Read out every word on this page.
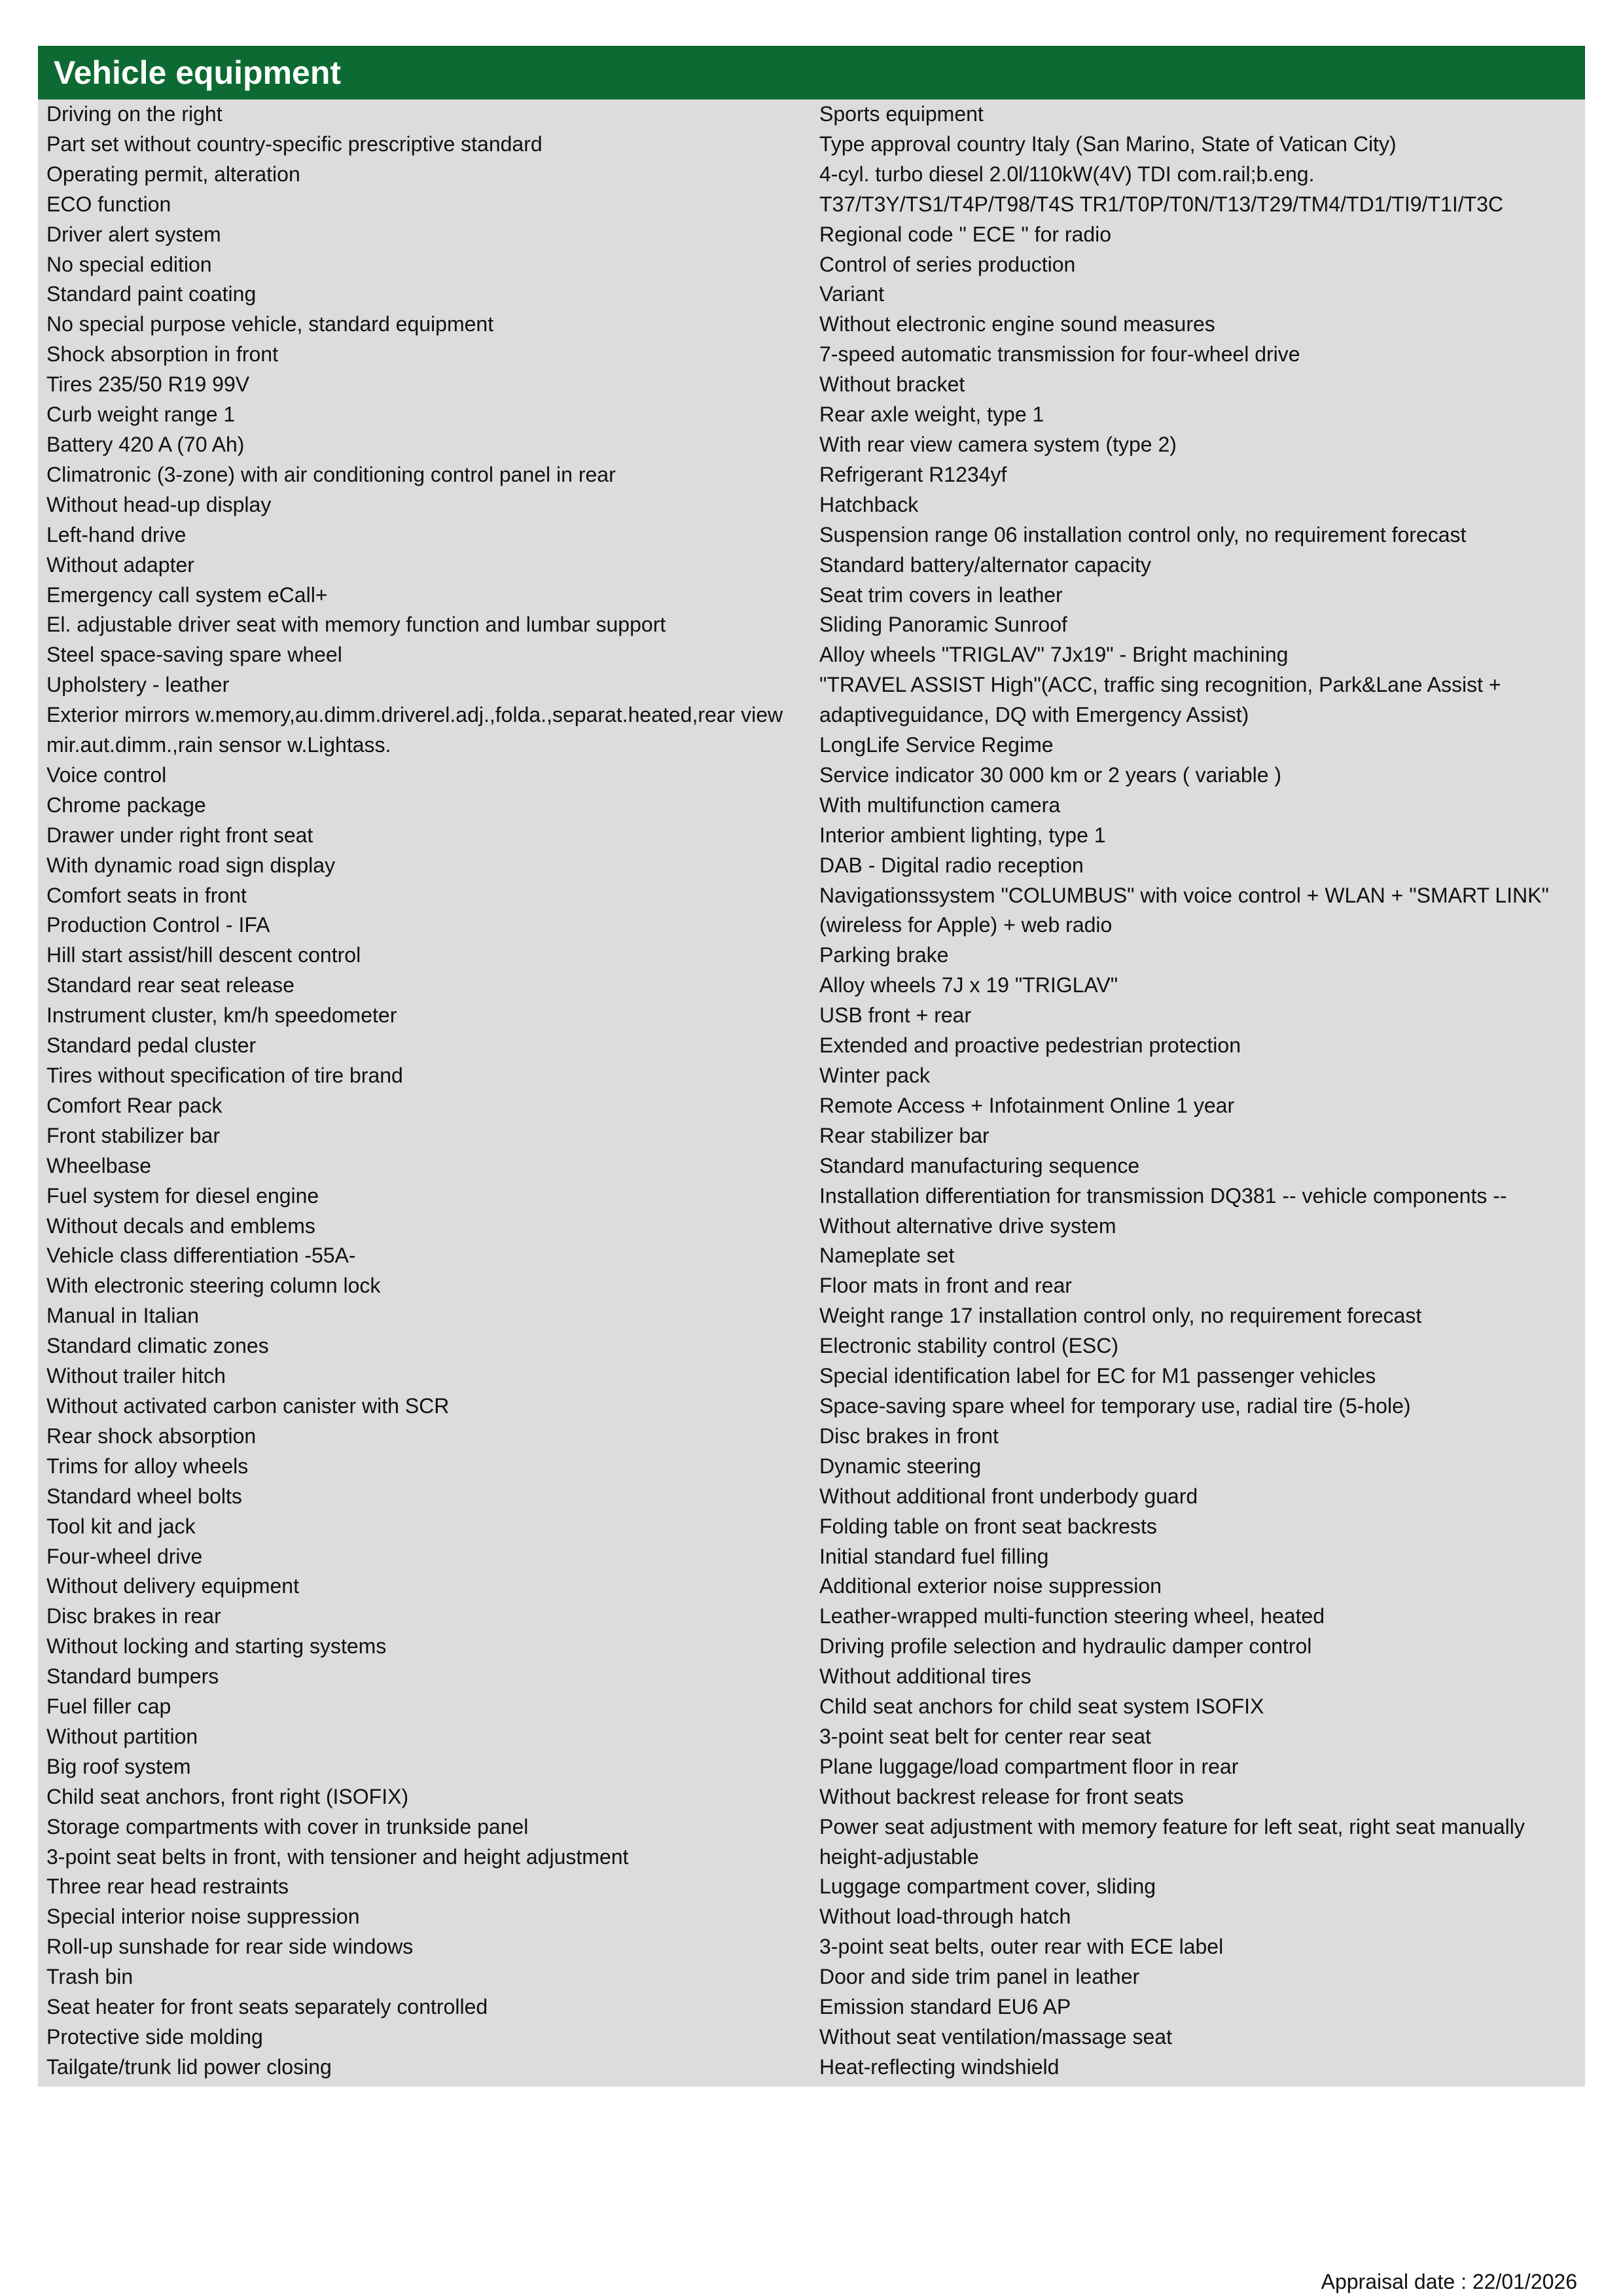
Vehicle equipment
Driving on the right
Part set without country-specific prescriptive standard
Operating permit, alteration
ECO function
Driver alert system
No special edition
Standard paint coating
No special purpose vehicle, standard equipment
Shock absorption in front
Tires 235/50 R19 99V
Curb weight range 1
Battery 420 A (70 Ah)
Climatronic (3-zone) with air conditioning control panel in rear
Without head-up display
Left-hand drive
Without adapter
Emergency call system eCall+
El. adjustable driver seat with memory function and lumbar support
Steel space-saving spare wheel
Upholstery - leather
Exterior mirrors w.memory,au.dimm.driverel.adj.,folda.,separat.heated,rear view mir.aut.dimm.,rain sensor w.Lightass.
Voice control
Chrome package
Drawer under right front seat
With dynamic road sign display
Comfort seats in front
Production Control - IFA
Hill start assist/hill descent control
Standard rear seat release
Instrument cluster, km/h speedometer
Standard pedal cluster
Tires without specification of tire brand
Comfort Rear pack
Front stabilizer bar
Wheelbase
Fuel system for diesel engine
Without decals and emblems
Vehicle class differentiation -55A-
With electronic steering column lock
Manual in Italian
Standard climatic zones
Without trailer hitch
Without activated carbon canister with SCR
Rear shock absorption
Trims for alloy wheels
Standard wheel bolts
Tool kit and jack
Four-wheel drive
Without delivery equipment
Disc brakes in rear
Without locking and starting systems
Standard bumpers
Fuel filler cap
Without partition
Big roof system
Child seat anchors, front right (ISOFIX)
Storage compartments with cover in trunkside panel
3-point seat belts in front, with tensioner and height adjustment
Three rear head restraints
Special interior noise suppression
Roll-up sunshade for rear side windows
Trash bin
Seat heater for front seats separately controlled
Protective side molding
Tailgate/trunk lid power closing
Sports equipment
Type approval country Italy (San Marino, State of Vatican City)
4-cyl. turbo diesel 2.0l/110kW(4V) TDI com.rail;b.eng.
T37/T3Y/TS1/T4P/T98/T4S TR1/T0P/T0N/T13/T29/TM4/TD1/TI9/T1I/T3C
Regional code " ECE " for radio
Control of series production
Variant
Without electronic engine sound measures
7-speed automatic transmission for four-wheel drive
Without bracket
Rear axle weight, type 1
With rear view camera system (type 2)
Refrigerant R1234yf
Hatchback
Suspension range 06 installation control only, no requirement forecast
Standard battery/alternator capacity
Seat trim covers in leather
Sliding Panoramic Sunroof
Alloy wheels "TRIGLAV" 7Jx19" - Bright machining
"TRAVEL ASSIST High"(ACC, traffic sing recognition, Park&Lane Assist + adaptiveguidance, DQ with Emergency Assist)
LongLife Service Regime
Service indicator 30 000 km or 2 years ( variable )
With multifunction camera
Interior ambient lighting, type 1
DAB - Digital radio reception
Navigationssystem "COLUMBUS" with voice control + WLAN + "SMART LINK" (wireless for Apple) + web radio
Parking brake
Alloy wheels 7J x 19 "TRIGLAV"
USB front + rear
Extended and proactive pedestrian protection
Winter pack
Remote Access + Infotainment Online 1 year
Rear stabilizer bar
Standard manufacturing sequence
Installation differentiation for transmission DQ381 -- vehicle components --
Without alternative drive system
Nameplate set
Floor mats in front and rear
Weight range 17 installation control only, no requirement forecast
Electronic stability control (ESC)
Special identification label for EC for M1 passenger vehicles
Space-saving spare wheel for temporary use, radial tire (5-hole)
Disc brakes in front
Dynamic steering
Without additional front underbody guard
Folding table on front seat backrests
Initial standard fuel filling
Additional exterior noise suppression
Leather-wrapped multi-function steering wheel, heated
Driving profile selection and hydraulic damper control
Without additional tires
Child seat anchors for child seat system ISOFIX
3-point seat belt for center rear seat
Plane luggage/load compartment floor in rear
Without backrest release for front seats
Power seat adjustment with memory feature for left seat, right seat manually height-adjustable
Luggage compartment cover, sliding
Without load-through hatch
3-point seat belts, outer rear with ECE label
Door and side trim panel in leather
Emission standard EU6 AP
Without seat ventilation/massage seat
Heat-reflecting windshield
Appraisal date : 22/01/2026
